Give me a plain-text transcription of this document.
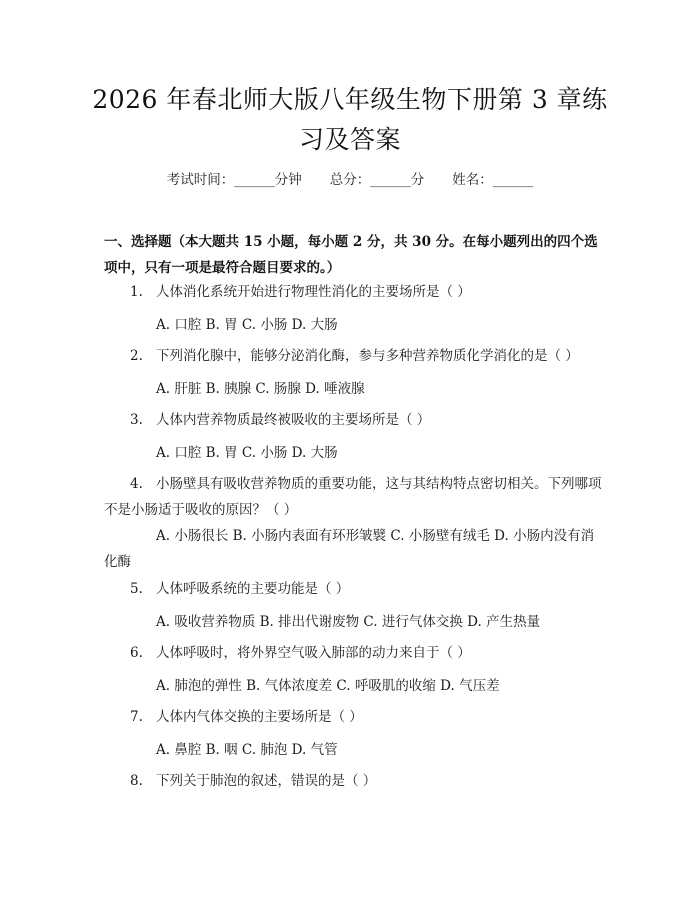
2026 年春北师大版八年级生物下册第 3 章练
习及答案
考试时间：______分钟 总分：______分 姓名：______
一、选择题（本大题共 15 小题，每小题 2 分，共 30 分。在每小题列出的四个选项中，只有一项是最符合题目要求的。）
1. 人体消化系统开始进行物理性消化的主要场所是（ ）
A. 口腔 B. 胃 C. 小肠 D. 大肠
2. 下列消化腺中，能够分泌消化酶，参与多种营养物质化学消化的是（ ）
A. 肝脏 B. 胰腺 C. 肠腺 D. 唾液腺
3. 人体内营养物质最终被吸收的主要场所是（ ）
A. 口腔 B. 胃 C. 小肠 D. 大肠
4. 小肠壁具有吸收营养物质的重要功能，这与其结构特点密切相关。下列哪项不是小肠适于吸收的原因？（ ）
A. 小肠很长 B. 小肠内表面有环形皱襞 C. 小肠壁有绒毛 D. 小肠内没有消化酶
5. 人体呼吸系统的主要功能是（ ）
A. 吸收营养物质 B. 排出代谢废物 C. 进行气体交换 D. 产生热量
6. 人体呼吸时，将外界空气吸入肺部的动力来自于（ ）
A. 肺泡的弹性 B. 气体浓度差 C. 呼吸肌的收缩 D. 气压差
7. 人体内气体交换的主要场所是（ ）
A. 鼻腔 B. 咽 C. 肺泡 D. 气管
8. 下列关于肺泡的叙述，错误的是（ ）
